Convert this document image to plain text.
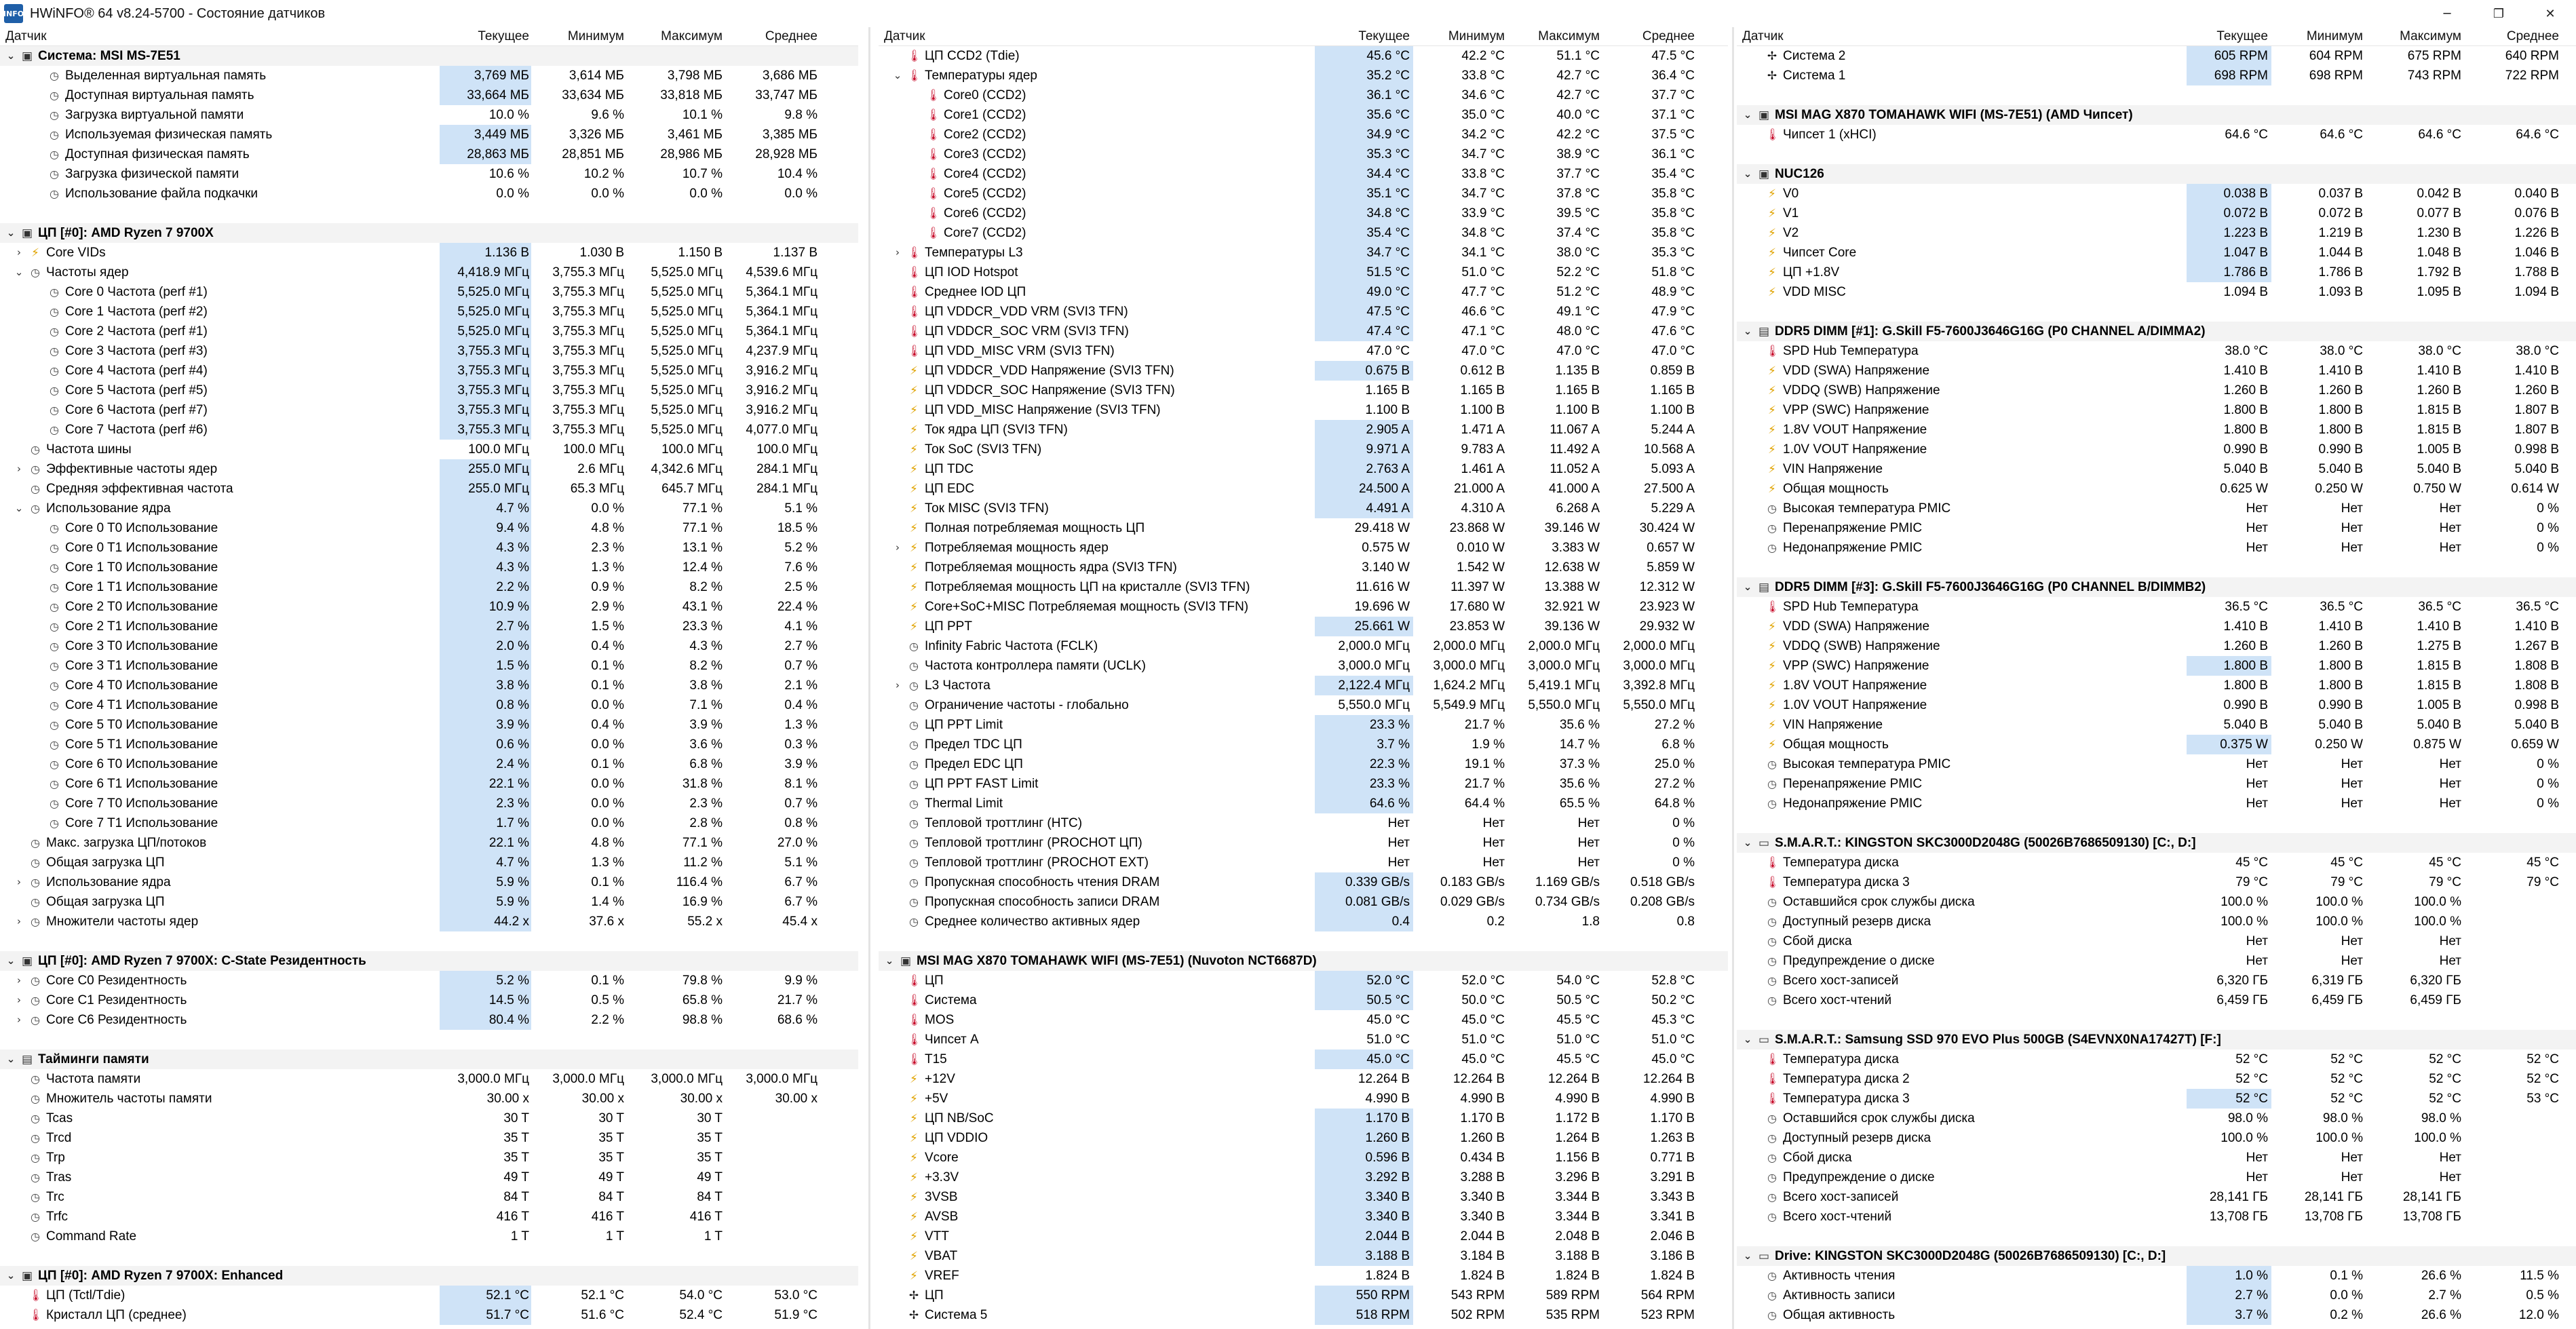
INFO HWiNFO® 64 v8.24-5700 - Состояние датчиков	─	❐	✕
Датчик	Текущее	Минимум	Максимум	Среднее
⌄ ▣ Система: MSI MS-7E51
◷ Выделенная виртуальная память	3,769 МБ	3,614 МБ	3,798 МБ	3,686 МБ
◷ Доступная виртуальная память	33,664 МБ	33,634 МБ	33,818 МБ	33,747 МБ
◷ Загрузка виртуальной памяти	10.0 %	9.6 %	10.1 %	9.8 %
◷ Используемая физическая память	3,449 МБ	3,326 МБ	3,461 МБ	3,385 МБ
◷ Доступная физическая память	28,863 МБ	28,851 МБ	28,986 МБ	28,928 МБ
◷ Загрузка физической памяти	10.6 %	10.2 %	10.7 %	10.4 %
◷ Использование файла подкачки	0.0 %	0.0 %	0.0 %	0.0 %
⌄ ▣ ЦП [#0]: AMD Ryzen 7 9700X
› ⚡ Core VIDs	1.136 В	1.030 В	1.150 В	1.137 В
⌄ ◷ Частоты ядер	4,418.9 МГц	3,755.3 МГц	5,525.0 МГц	4,539.6 МГц
◷ Core 0 Частота (perf #1)	5,525.0 МГц	3,755.3 МГц	5,525.0 МГц	5,364.1 МГц
◷ Core 1 Частота (perf #2)	5,525.0 МГц	3,755.3 МГц	5,525.0 МГц	5,364.1 МГц
◷ Core 2 Частота (perf #1)	5,525.0 МГц	3,755.3 МГц	5,525.0 МГц	5,364.1 МГц
◷ Core 3 Частота (perf #3)	3,755.3 МГц	3,755.3 МГц	5,525.0 МГц	4,237.9 МГц
◷ Core 4 Частота (perf #4)	3,755.3 МГц	3,755.3 МГц	5,525.0 МГц	3,916.2 МГц
◷ Core 5 Частота (perf #5)	3,755.3 МГц	3,755.3 МГц	5,525.0 МГц	3,916.2 МГц
◷ Core 6 Частота (perf #7)	3,755.3 МГц	3,755.3 МГц	5,525.0 МГц	3,916.2 МГц
◷ Core 7 Частота (perf #6)	3,755.3 МГц	3,755.3 МГц	5,525.0 МГц	4,077.0 МГц
◷ Частота шины	100.0 МГц	100.0 МГц	100.0 МГц	100.0 МГц
› ◷ Эффективные частоты ядер	255.0 МГц	2.6 МГц	4,342.6 МГц	284.1 МГц
◷ Средняя эффективная частота	255.0 МГц	65.3 МГц	645.7 МГц	284.1 МГц
⌄ ◷ Использование ядра	4.7 %	0.0 %	77.1 %	5.1 %
◷ Core 0 T0 Использование	9.4 %	4.8 %	77.1 %	18.5 %
◷ Core 0 T1 Использование	4.3 %	2.3 %	13.1 %	5.2 %
◷ Core 1 T0 Использование	4.3 %	1.3 %	12.4 %	7.6 %
◷ Core 1 T1 Использование	2.2 %	0.9 %	8.2 %	2.5 %
◷ Core 2 T0 Использование	10.9 %	2.9 %	43.1 %	22.4 %
◷ Core 2 T1 Использование	2.7 %	1.5 %	23.3 %	4.1 %
◷ Core 3 T0 Использование	2.0 %	0.4 %	4.3 %	2.7 %
◷ Core 3 T1 Использование	1.5 %	0.1 %	8.2 %	0.7 %
◷ Core 4 T0 Использование	3.8 %	0.1 %	3.8 %	2.1 %
◷ Core 4 T1 Использование	0.8 %	0.0 %	7.1 %	0.4 %
◷ Core 5 T0 Использование	3.9 %	0.4 %	3.9 %	1.3 %
◷ Core 5 T1 Использование	0.6 %	0.0 %	3.6 %	0.3 %
◷ Core 6 T0 Использование	2.4 %	0.1 %	6.8 %	3.9 %
◷ Core 6 T1 Использование	22.1 %	0.0 %	31.8 %	8.1 %
◷ Core 7 T0 Использование	2.3 %	0.0 %	2.3 %	0.7 %
◷ Core 7 T1 Использование	1.7 %	0.0 %	2.8 %	0.8 %
◷ Макс. загрузка ЦП/потоков	22.1 %	4.8 %	77.1 %	27.0 %
◷ Общая загрузка ЦП	4.7 %	1.3 %	11.2 %	5.1 %
› ◷ Использование ядра	5.9 %	0.1 %	116.4 %	6.7 %
◷ Общая загрузка ЦП	5.9 %	1.4 %	16.9 %	6.7 %
› ◷ Множители частоты ядер	44.2 x	37.6 x	55.2 x	45.4 x
⌄ ▣ ЦП [#0]: AMD Ryzen 7 9700X: C-State Резидентность
› ◷ Core C0 Резидентность	5.2 %	0.1 %	79.8 %	9.9 %
› ◷ Core C1 Резидентность	14.5 %	0.5 %	65.8 %	21.7 %
› ◷ Core C6 Резидентность	80.4 %	2.2 %	98.8 %	68.6 %
⌄ ▤ Тайминги памяти
◷ Частота памяти	3,000.0 МГц	3,000.0 МГц	3,000.0 МГц	3,000.0 МГц
◷ Множитель частоты памяти	30.00 x	30.00 x	30.00 x	30.00 x
◷ Tcas	30 T	30 T	30 T
◷ Trcd	35 T	35 T	35 T
◷ Trp	35 T	35 T	35 T
◷ Tras	49 T	49 T	49 T
◷ Trc	84 T	84 T	84 T
◷ Trfc	416 T	416 T	416 T
◷ Command Rate	1 T	1 T	1 T
⌄ ▣ ЦП [#0]: AMD Ryzen 7 9700X: Enhanced
🌡 ЦП (Tctl/Tdie)	52.1 °C	52.1 °C	54.0 °C	53.0 °C
🌡 Кристалл ЦП (среднее)	51.7 °C	51.6 °C	52.4 °C	51.9 °C
Датчик	Текущее	Минимум	Максимум	Среднее
🌡 ЦП CCD2 (Tdie)	45.6 °C	42.2 °C	51.1 °C	47.5 °C
⌄ 🌡 Температуры ядер	35.2 °C	33.8 °C	42.7 °C	36.4 °C
🌡 Core0 (CCD2)	36.1 °C	34.6 °C	42.7 °C	37.7 °C
🌡 Core1 (CCD2)	35.6 °C	35.0 °C	40.0 °C	37.1 °C
🌡 Core2 (CCD2)	34.9 °C	34.2 °C	42.2 °C	37.5 °C
🌡 Core3 (CCD2)	35.3 °C	34.7 °C	38.9 °C	36.1 °C
🌡 Core4 (CCD2)	34.4 °C	33.8 °C	37.7 °C	35.4 °C
🌡 Core5 (CCD2)	35.1 °C	34.7 °C	37.8 °C	35.8 °C
🌡 Core6 (CCD2)	34.8 °C	33.9 °C	39.5 °C	35.8 °C
🌡 Core7 (CCD2)	35.4 °C	34.8 °C	37.4 °C	35.8 °C
› 🌡 Температуры L3	34.7 °C	34.1 °C	38.0 °C	35.3 °C
🌡 ЦП IOD Hotspot	51.5 °C	51.0 °C	52.2 °C	51.8 °C
🌡 Среднее IOD ЦП	49.0 °C	47.7 °C	51.2 °C	48.9 °C
🌡 ЦП VDDCR_VDD VRM (SVI3 TFN)	47.5 °C	46.6 °C	49.1 °C	47.9 °C
🌡 ЦП VDDCR_SOC VRM (SVI3 TFN)	47.4 °C	47.1 °C	48.0 °C	47.6 °C
🌡 ЦП VDD_MISC VRM (SVI3 TFN)	47.0 °C	47.0 °C	47.0 °C	47.0 °C
⚡ ЦП VDDCR_VDD Напряжение (SVI3 TFN)	0.675 В	0.612 В	1.135 В	0.859 В
⚡ ЦП VDDCR_SOC Напряжение (SVI3 TFN)	1.165 В	1.165 В	1.165 В	1.165 В
⚡ ЦП VDD_MISC Напряжение (SVI3 TFN)	1.100 В	1.100 В	1.100 В	1.100 В
⚡ Ток ядра ЦП (SVI3 TFN)	2.905 A	1.471 A	11.067 A	5.244 A
⚡ Ток SoC (SVI3 TFN)	9.971 A	9.783 A	11.492 A	10.568 A
⚡ ЦП TDC	2.763 A	1.461 A	11.052 A	5.093 A
⚡ ЦП EDC	24.500 A	21.000 A	41.000 A	27.500 A
⚡ Ток MISC (SVI3 TFN)	4.491 A	4.310 A	6.268 A	5.229 A
⚡ Полная потребляемая мощность ЦП	29.418 W	23.868 W	39.146 W	30.424 W
› ⚡ Потребляемая мощность ядер	0.575 W	0.010 W	3.383 W	0.657 W
⚡ Потребляемая мощность ядра (SVI3 TFN)	3.140 W	1.542 W	12.638 W	5.859 W
⚡ Потребляемая мощность ЦП на кристалле (SVI3 TFN)	11.616 W	11.397 W	13.388 W	12.312 W
⚡ Core+SoC+MISC Потребляемая мощность (SVI3 TFN)	19.696 W	17.680 W	32.921 W	23.923 W
⚡ ЦП PPT	25.661 W	23.853 W	39.136 W	29.932 W
◷ Infinity Fabric Частота (FCLK)	2,000.0 МГц	2,000.0 МГц	2,000.0 МГц	2,000.0 МГц
◷ Частота контроллера памяти (UCLK)	3,000.0 МГц	3,000.0 МГц	3,000.0 МГц	3,000.0 МГц
› ◷ L3 Частота	2,122.4 МГц	1,624.2 МГц	5,419.1 МГц	3,392.8 МГц
◷ Ограничение частоты - глобально	5,550.0 МГц	5,549.9 МГц	5,550.0 МГц	5,550.0 МГц
◷ ЦП PPT Limit	23.3 %	21.7 %	35.6 %	27.2 %
◷ Предел TDC ЦП	3.7 %	1.9 %	14.7 %	6.8 %
◷ Предел EDC ЦП	22.3 %	19.1 %	37.3 %	25.0 %
◷ ЦП PPT FAST Limit	23.3 %	21.7 %	35.6 %	27.2 %
◷ Thermal Limit	64.6 %	64.4 %	65.5 %	64.8 %
◷ Тепловой троттлинг (HTC)	Нет	Нет	Нет	0 %
◷ Тепловой троттлинг (PROCHOT ЦП)	Нет	Нет	Нет	0 %
◷ Тепловой троттлинг (PROCHOT EXT)	Нет	Нет	Нет	0 %
◷ Пропускная способность чтения DRAM	0.339 GB/s	0.183 GB/s	1.169 GB/s	0.518 GB/s
◷ Пропускная способность записи DRAM	0.081 GB/s	0.029 GB/s	0.734 GB/s	0.208 GB/s
◷ Среднее количество активных ядер	0.4	0.2	1.8	0.8
⌄ ▣ MSI MAG X870 TOMAHAWK WIFI (MS-7E51) (Nuvoton NCT6687D)
🌡 ЦП	52.0 °C	52.0 °C	54.0 °C	52.8 °C
🌡 Система	50.5 °C	50.0 °C	50.5 °C	50.2 °C
🌡 MOS	45.0 °C	45.0 °C	45.5 °C	45.3 °C
🌡 Чипсет A	51.0 °C	51.0 °C	51.0 °C	51.0 °C
🌡 T15	45.0 °C	45.0 °C	45.5 °C	45.0 °C
⚡ +12V	12.264 В	12.264 В	12.264 В	12.264 В
⚡ +5V	4.990 В	4.990 В	4.990 В	4.990 В
⚡ ЦП NB/SoC	1.170 В	1.170 В	1.172 В	1.170 В
⚡ ЦП VDDIO	1.260 В	1.260 В	1.264 В	1.263 В
⚡ Vcore	0.596 В	0.434 В	1.156 В	0.771 В
⚡ +3.3V	3.292 В	3.288 В	3.296 В	3.291 В
⚡ 3VSB	3.340 В	3.340 В	3.344 В	3.343 В
⚡ AVSB	3.340 В	3.340 В	3.344 В	3.341 В
⚡ VTT	2.044 В	2.044 В	2.048 В	2.046 В
⚡ VBAT	3.188 В	3.184 В	3.188 В	3.186 В
⚡ VREF	1.824 В	1.824 В	1.824 В	1.824 В
✢ ЦП	550 RPM	543 RPM	589 RPM	564 RPM
✢ Система 5	518 RPM	502 RPM	535 RPM	523 RPM
Датчик	Текущее	Минимум	Максимум	Среднее
✢ Система 2	605 RPM	604 RPM	675 RPM	640 RPM
✢ Система 1	698 RPM	698 RPM	743 RPM	722 RPM
⌄ ▣ MSI MAG X870 TOMAHAWK WIFI (MS-7E51) (AMD Чипсет)
🌡 Чипсет 1 (xHCI)	64.6 °C	64.6 °C	64.6 °C	64.6 °C
⌄ ▣ NUC126
⚡ V0	0.038 В	0.037 В	0.042 В	0.040 В
⚡ V1	0.072 В	0.072 В	0.077 В	0.076 В
⚡ V2	1.223 В	1.219 В	1.230 В	1.226 В
⚡ Чипсет Core	1.047 В	1.044 В	1.048 В	1.046 В
⚡ ЦП +1.8V	1.786 В	1.786 В	1.792 В	1.788 В
⚡ VDD MISC	1.094 В	1.093 В	1.095 В	1.094 В
⌄ ▤ DDR5 DIMM [#1]: G.Skill F5-7600J3646G16G (P0 CHANNEL A/DIMMA2)
🌡 SPD Hub Температура	38.0 °C	38.0 °C	38.0 °C	38.0 °C
⚡ VDD (SWA) Напряжение	1.410 В	1.410 В	1.410 В	1.410 В
⚡ VDDQ (SWB) Напряжение	1.260 В	1.260 В	1.260 В	1.260 В
⚡ VPP (SWC) Напряжение	1.800 В	1.800 В	1.815 В	1.807 В
⚡ 1.8V VOUT Напряжение	1.800 В	1.800 В	1.815 В	1.807 В
⚡ 1.0V VOUT Напряжение	0.990 В	0.990 В	1.005 В	0.998 В
⚡ VIN Напряжение	5.040 В	5.040 В	5.040 В	5.040 В
⚡ Общая мощность	0.625 W	0.250 W	0.750 W	0.614 W
◷ Высокая температура PMIC	Нет	Нет	Нет	0 %
◷ Перенапряжение PMIC	Нет	Нет	Нет	0 %
◷ Недонапряжение PMIC	Нет	Нет	Нет	0 %
⌄ ▤ DDR5 DIMM [#3]: G.Skill F5-7600J3646G16G (P0 CHANNEL B/DIMMB2)
🌡 SPD Hub Температура	36.5 °C	36.5 °C	36.5 °C	36.5 °C
⚡ VDD (SWA) Напряжение	1.410 В	1.410 В	1.410 В	1.410 В
⚡ VDDQ (SWB) Напряжение	1.260 В	1.260 В	1.275 В	1.267 В
⚡ VPP (SWC) Напряжение	1.800 В	1.800 В	1.815 В	1.808 В
⚡ 1.8V VOUT Напряжение	1.800 В	1.800 В	1.815 В	1.808 В
⚡ 1.0V VOUT Напряжение	0.990 В	0.990 В	1.005 В	0.998 В
⚡ VIN Напряжение	5.040 В	5.040 В	5.040 В	5.040 В
⚡ Общая мощность	0.375 W	0.250 W	0.875 W	0.659 W
◷ Высокая температура PMIC	Нет	Нет	Нет	0 %
◷ Перенапряжение PMIC	Нет	Нет	Нет	0 %
◷ Недонапряжение PMIC	Нет	Нет	Нет	0 %
⌄ ▭ S.M.A.R.T.: KINGSTON SKC3000D2048G (50026B7686509130) [C:, D:]
🌡 Температура диска	45 °C	45 °C	45 °C	45 °C
🌡 Температура диска 3	79 °C	79 °C	79 °C	79 °C
◷ Оставшийся срок службы диска	100.0 %	100.0 %	100.0 %
◷ Доступный резерв диска	100.0 %	100.0 %	100.0 %
◷ Сбой диска	Нет	Нет	Нет
◷ Предупреждение о диске	Нет	Нет	Нет
◷ Всего хост-записей	6,320 ГБ	6,319 ГБ	6,320 ГБ
◷ Всего хост-чтений	6,459 ГБ	6,459 ГБ	6,459 ГБ
⌄ ▭ S.M.A.R.T.: Samsung SSD 970 EVO Plus 500GB (S4EVNX0NA17427T) [F:]
🌡 Температура диска	52 °C	52 °C	52 °C	52 °C
🌡 Температура диска 2	52 °C	52 °C	52 °C	52 °C
🌡 Температура диска 3	52 °C	52 °C	52 °C	53 °C
◷ Оставшийся срок службы диска	98.0 %	98.0 %	98.0 %
◷ Доступный резерв диска	100.0 %	100.0 %	100.0 %
◷ Сбой диска	Нет	Нет	Нет
◷ Предупреждение о диске	Нет	Нет	Нет
◷ Всего хост-записей	28,141 ГБ	28,141 ГБ	28,141 ГБ
◷ Всего хост-чтений	13,708 ГБ	13,708 ГБ	13,708 ГБ
⌄ ▭ Drive: KINGSTON SKC3000D2048G (50026B7686509130) [C:, D:]
◷ Активность чтения	1.0 %	0.1 %	26.6 %	11.5 %
◷ Активность записи	2.7 %	0.0 %	2.7 %	0.5 %
◷ Общая активность	3.7 %	0.2 %	26.6 %	12.0 %
